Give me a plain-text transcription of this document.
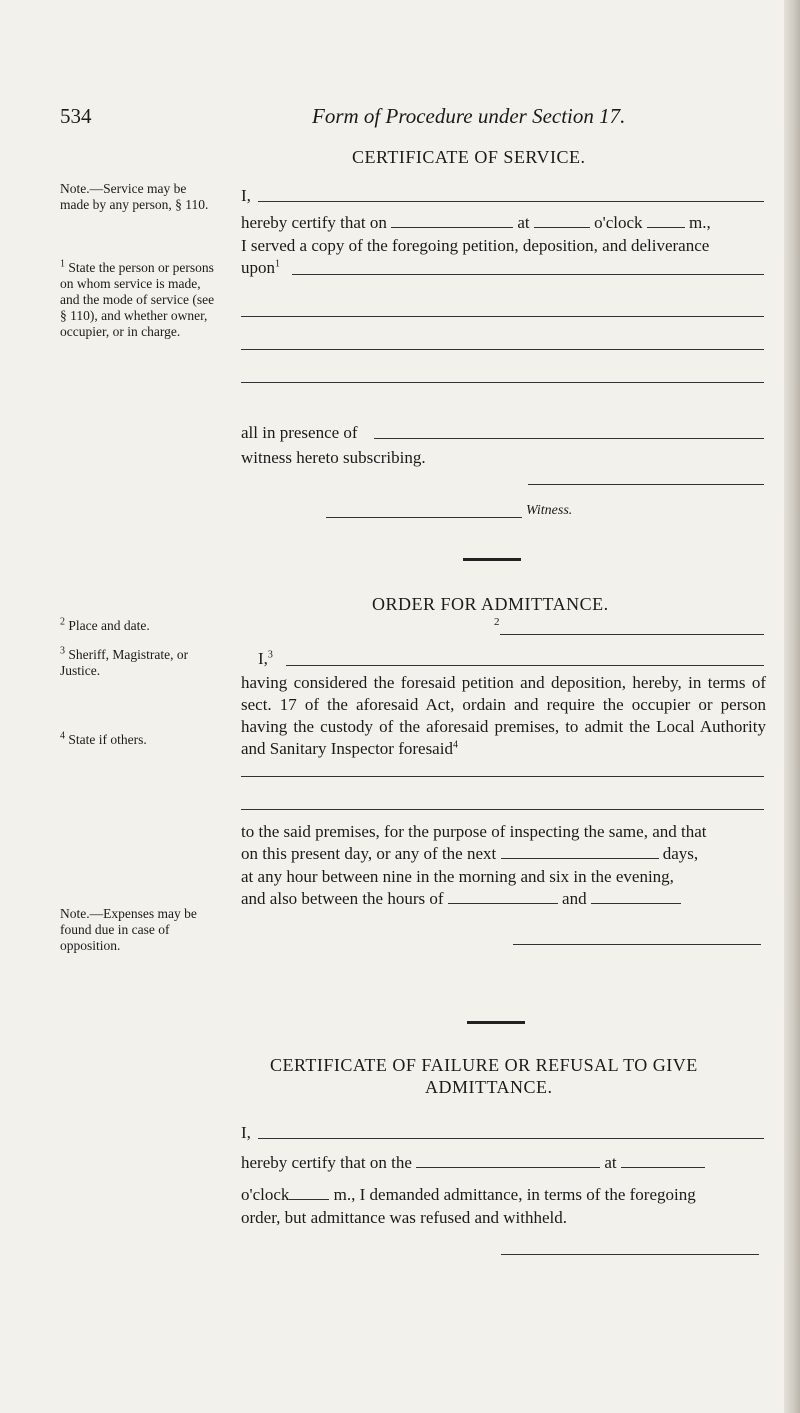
534	Form of Procedure under Section 17.
Note.—Service may be made by any person, § 110.
$^1$ State the person or persons on whom service is made, and the mode of service (see § 110), and whether owner, occupier, or in charge.
$^2$ Place and date.
$^3$ Sheriff, Magistrate, or Justice.
$^4$ State if others.
Note.—Expenses may be found due in case of opposition.
CERTIFICATE OF SERVICE.
I,
hereby certify that on	at	o'clock	m.,
I served a copy of the foregoing petition, deposition, and deliverance
upon$^1$
all in presence of
witness hereto subscribing.
Witness.
ORDER FOR ADMITTANCE.
2
I,$^3$
having considered the foresaid petition and deposition, hereby, in terms of sect. 17 of the aforesaid Act, ordain and require the occupier or person having the custody of the aforesaid premises, to admit the Local Authority and Sanitary Inspector foresaid$^4$
to the said premises, for the purpose of inspecting the same, and that
on this present day, or any of the next	days,
at any hour between nine in the morning and six in the evening,
and also between the hours of	and
CERTIFICATE OF FAILURE OR REFUSAL TO GIVE
ADMITTANCE.
I,
hereby certify that on the	at
o'clock	m., I demanded admittance, in terms of the foregoing
order, but admittance was refused and withheld.
